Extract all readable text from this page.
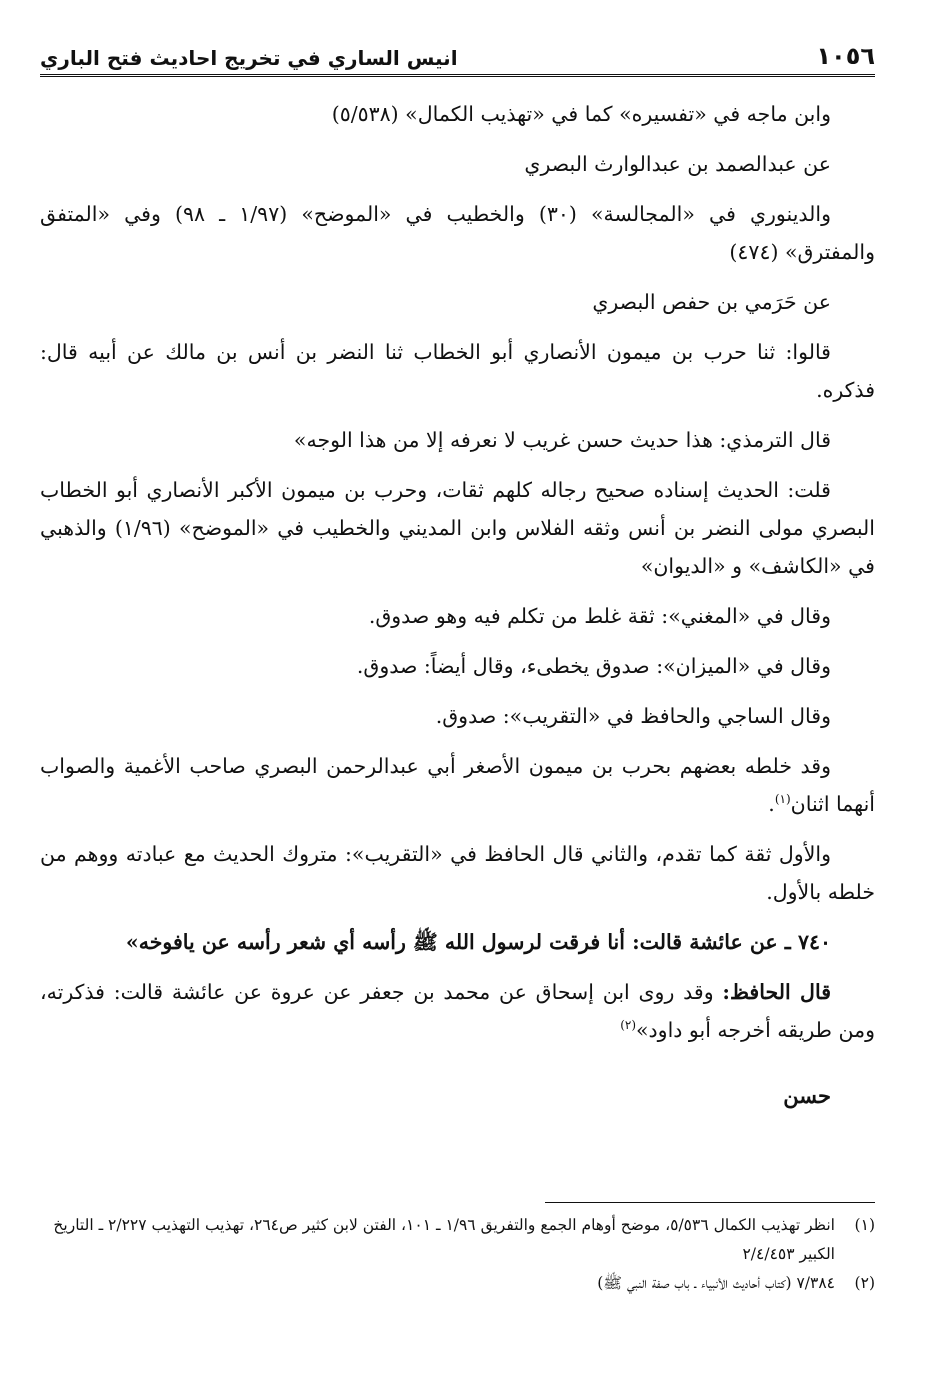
١٠٥٦
انيس الساري في تخريج احاديث فتح الباري

وابن ماجه في «تفسيره» كما في «تهذيب الكمال» (٥/٥٣٨)

عن عبدالصمد بن عبدالوارث البصري

والدينوري في «المجالسة» (٣٠) والخطيب في «الموضح» (١/٩٧ ـ ٩٨) وفي «المتفق والمفترق» (٤٧٤)

عن حَرَمي بن حفص البصري

قالوا: ثنا حرب بن ميمون الأنصاري أبو الخطاب ثنا النضر بن أنس بن مالك عن أبيه قال: فذكره.

قال الترمذي: هذا حديث حسن غريب لا نعرفه إلا من هذا الوجه»

قلت: الحديث إسناده صحيح رجاله كلهم ثقات، وحرب بن ميمون الأكبر الأنصاري أبو الخطاب البصري مولى النضر بن أنس وثقه الفلاس وابن المديني والخطيب في «الموضح» (١/٩٦) والذهبي في «الكاشف» و «الديوان»

وقال في «المغني»: ثقة غلط من تكلم فيه وهو صدوق.

وقال في «الميزان»: صدوق يخطىء، وقال أيضاً: صدوق.

وقال الساجي والحافظ في «التقريب»: صدوق.

وقد خلطه بعضهم بحرب بن ميمون الأصغر أبي عبدالرحمن البصري صاحب الأغمية والصواب أنهما اثنان$^{(١)}$.

والأول ثقة كما تقدم، والثاني قال الحافظ في «التقريب»: متروك الحديث مع عبادته ووهم من خلطه بالأول.

٧٤٠ ـ عن عائشة قالت: أنا فرقت لرسول الله ﷺ رأسه أي شعر رأسه عن يافوخه»

قال الحافظ: وقد روى ابن إسحاق عن محمد بن جعفر عن عروة عن عائشة قالت: فذكرته، ومن طريقه أخرجه أبو داود»$^{(٢)}$

حسن

(١)
انظر تهذيب الكمال ٥/٥٣٦، موضح أوهام الجمع والتفريق ١/٩٦ ـ ١٠١، الفتن لابن كثير ص٢٦٤، تهذيب التهذيب ٢/٢٢٧ ـ التاريخ الكبير ٢/٤/٤٥٣
(٢)
٧/٣٨٤ (كتاب أحاديث الأنبياء ـ باب صفة النبي ﷺ)
